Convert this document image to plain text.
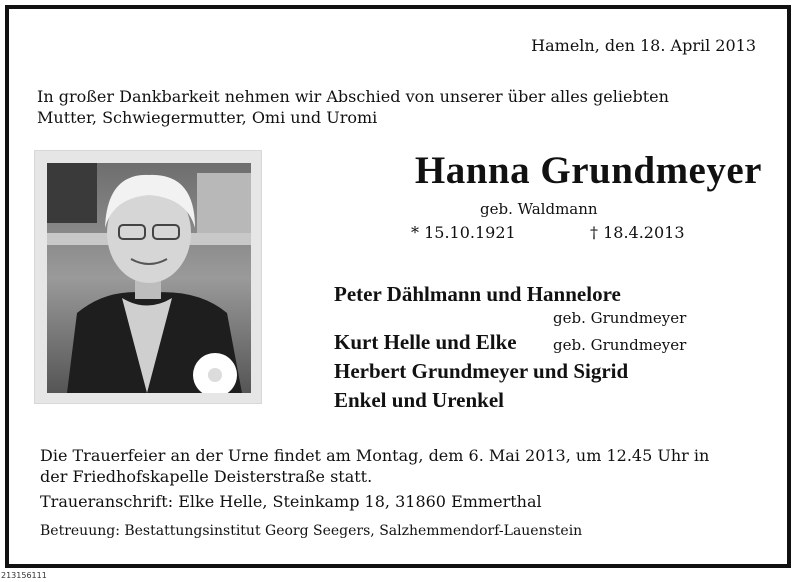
Hameln, den 18. April 2013
In großer Dankbarkeit nehmen wir Abschied von unserer über alles geliebten
Mutter, Schwiegermutter, Omi und Uromi
Hanna Grundmeyer
geb. Waldmann
* 15.10.1921	† 18.4.2013
Peter Dählmann und Hannelore
geb. Grundmeyer
Kurt Helle und Elke geb. Grundmeyer
Herbert Grundmeyer und Sigrid
Enkel und Urenkel
Die Trauerfeier an der Urne findet am Montag, dem 6. Mai 2013, um 12.45 Uhr in
der Friedhofskapelle Deisterstraße statt.
Traueranschrift: Elke Helle, Steinkamp 18, 31860 Emmerthal
Betreuung: Bestattungsinstitut Georg Seegers, Salzhemmendorf-Lauenstein
213156111
